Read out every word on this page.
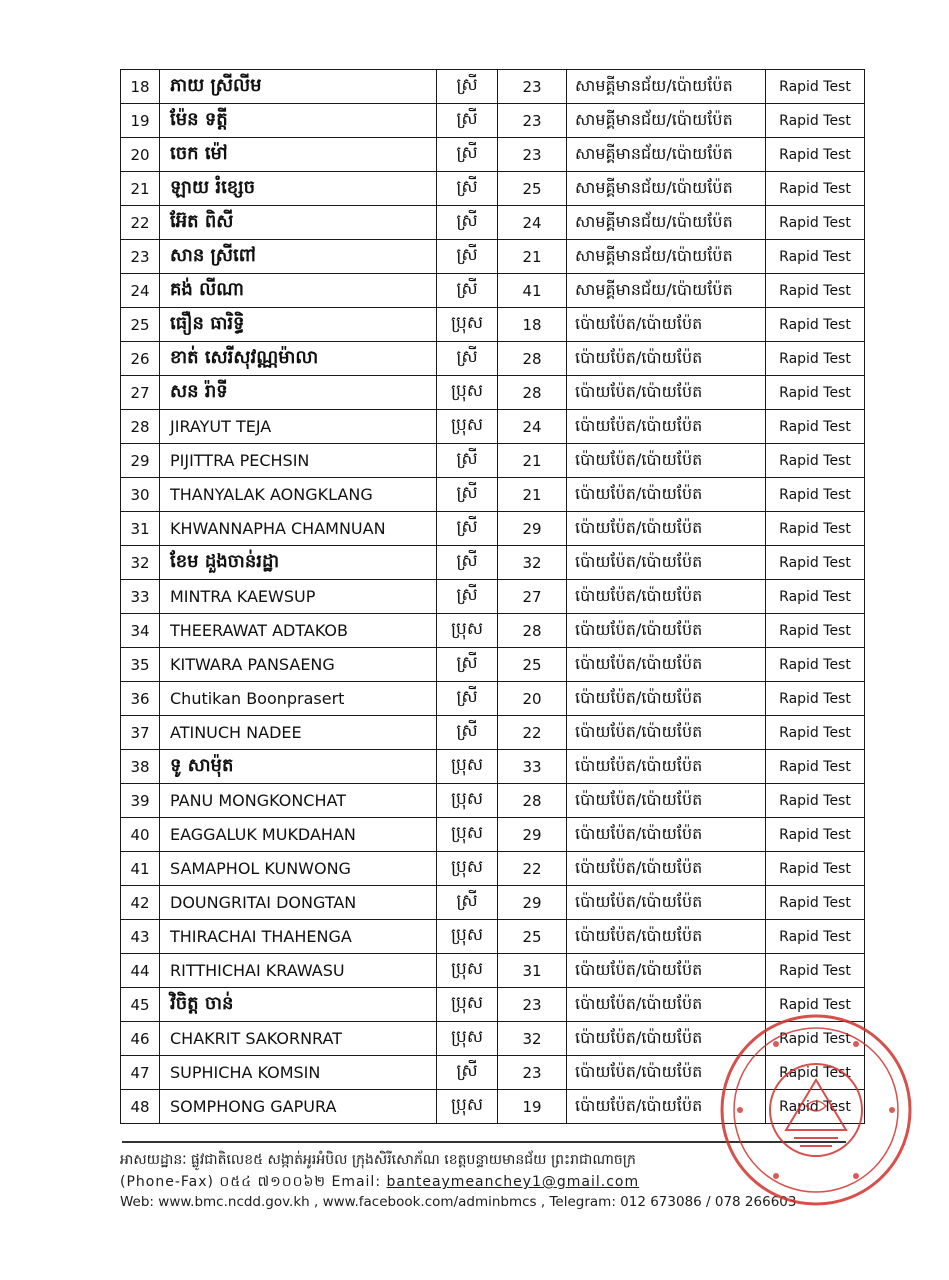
18	ភាយ ស្រីលីម	ស្រី	23	សាមគ្គីមានជ័យ/ប៉ោយប៉ែត	Rapid Test
19	ម៉ែន ទត្តី	ស្រី	23	សាមគ្គីមានជ័យ/ប៉ោយប៉ែត	Rapid Test
20	ចេក ម៉ៅ	ស្រី	23	សាមគ្គីមានជ័យ/ប៉ោយប៉ែត	Rapid Test
21	ឡាយ រំខ្សេច	ស្រី	25	សាមគ្គីមានជ័យ/ប៉ោយប៉ែត	Rapid Test
22	អ៊ែត ពិសី	ស្រី	24	សាមគ្គីមានជ័យ/ប៉ោយប៉ែត	Rapid Test
23	សាន ស្រីពៅ	ស្រី	21	សាមគ្គីមានជ័យ/ប៉ោយប៉ែត	Rapid Test
24	គង់ លីណា	ស្រី	41	សាមគ្គីមានជ័យ/ប៉ោយប៉ែត	Rapid Test
25	ធឿន ធារិទ្ធិ	ប្រុស	18	ប៉ោយប៉ែត/ប៉ោយប៉ែត	Rapid Test
26	ខាត់ សេរីសុវណ្ណម៉ាលា	ស្រី	28	ប៉ោយប៉ែត/ប៉ោយប៉ែត	Rapid Test
27	សន រ៉ាទី	ប្រុស	28	ប៉ោយប៉ែត/ប៉ោយប៉ែត	Rapid Test
28	JIRAYUT TEJA	ប្រុស	24	ប៉ោយប៉ែត/ប៉ោយប៉ែត	Rapid Test
29	PIJITTRA PECHSIN	ស្រី	21	ប៉ោយប៉ែត/ប៉ោយប៉ែត	Rapid Test
30	THANYALAK AONGKLANG	ស្រី	21	ប៉ោយប៉ែត/ប៉ោយប៉ែត	Rapid Test
31	KHWANNAPHA CHAMNUAN	ស្រី	29	ប៉ោយប៉ែត/ប៉ោយប៉ែត	Rapid Test
32	ខែម ដួងចាន់រដ្ឋា	ស្រី	32	ប៉ោយប៉ែត/ប៉ោយប៉ែត	Rapid Test
33	MINTRA KAEWSUP	ស្រី	27	ប៉ោយប៉ែត/ប៉ោយប៉ែត	Rapid Test
34	THEERAWAT ADTAKOB	ប្រុស	28	ប៉ោយប៉ែត/ប៉ោយប៉ែត	Rapid Test
35	KITWARA PANSAENG	ស្រី	25	ប៉ោយប៉ែត/ប៉ោយប៉ែត	Rapid Test
36	Chutikan Boonprasert	ស្រី	20	ប៉ោយប៉ែត/ប៉ោយប៉ែត	Rapid Test
37	ATINUCH NADEE	ស្រី	22	ប៉ោយប៉ែត/ប៉ោយប៉ែត	Rapid Test
38	ទូ សាម៉ុត	ប្រុស	33	ប៉ោយប៉ែត/ប៉ោយប៉ែត	Rapid Test
39	PANU MONGKONCHAT	ប្រុស	28	ប៉ោយប៉ែត/ប៉ោយប៉ែត	Rapid Test
40	EAGGALUK MUKDAHAN	ប្រុស	29	ប៉ោយប៉ែត/ប៉ោយប៉ែត	Rapid Test
41	SAMAPHOL KUNWONG	ប្រុស	22	ប៉ោយប៉ែត/ប៉ោយប៉ែត	Rapid Test
42	DOUNGRITAI DONGTAN	ស្រី	29	ប៉ោយប៉ែត/ប៉ោយប៉ែត	Rapid Test
43	THIRACHAI THAHENGA	ប្រុស	25	ប៉ោយប៉ែត/ប៉ោយប៉ែត	Rapid Test
44	RITTHICHAI KRAWASU	ប្រុស	31	ប៉ោយប៉ែត/ប៉ោយប៉ែត	Rapid Test
45	វិចិត្ត ចាន់	ប្រុស	23	ប៉ោយប៉ែត/ប៉ោយប៉ែត	Rapid Test
46	CHAKRIT SAKORNRAT	ប្រុស	32	ប៉ោយប៉ែត/ប៉ោយប៉ែត	Rapid Test
47	SUPHICHA KOMSIN	ស្រី	23	ប៉ោយប៉ែត/ប៉ោយប៉ែត	Rapid Test
48	SOMPHONG GAPURA	ប្រុស	19	ប៉ោយប៉ែត/ប៉ោយប៉ែត	Rapid Test
អាសយដ្ឋានៈ ផ្លូវជាតិលេខ៥ សង្កាត់អូរអំបិល ក្រុងសិរីសោភ័ណ ខេត្តបន្ទាយមានជ័យ ព្រះរាជាណាចក្រ
(Phone-Fax) ០៥៤ ៧១០០៦២ Email: banteaymeanchey1@gmail.com
Web: www.bmc.ncdd.gov.kh , www.facebook.com/adminbmcs , Telegram: 012 673086 / 078 266603
